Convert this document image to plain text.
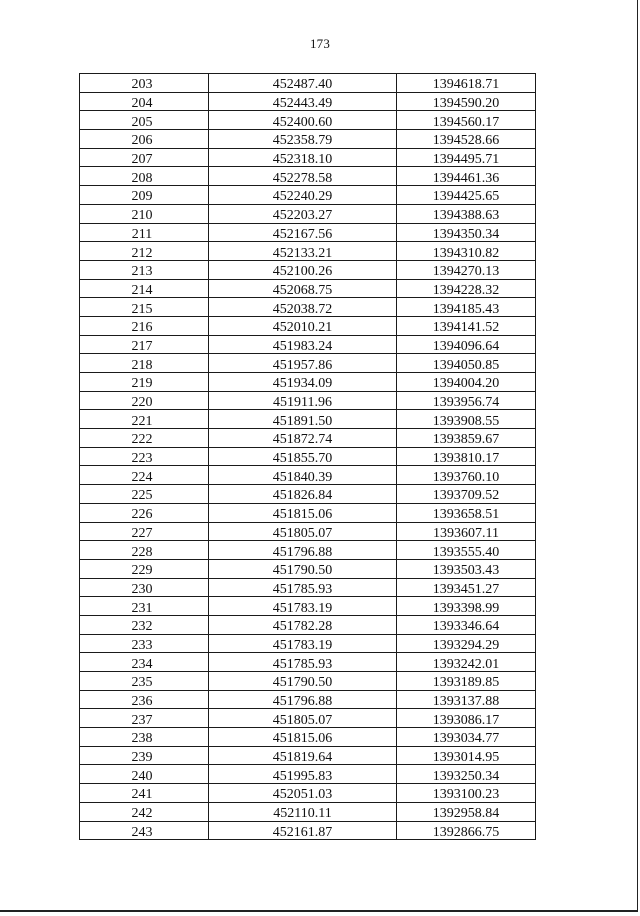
173
203	452487.40	1394618.71
204	452443.49	1394590.20
205	452400.60	1394560.17
206	452358.79	1394528.66
207	452318.10	1394495.71
208	452278.58	1394461.36
209	452240.29	1394425.65
210	452203.27	1394388.63
211	452167.56	1394350.34
212	452133.21	1394310.82
213	452100.26	1394270.13
214	452068.75	1394228.32
215	452038.72	1394185.43
216	452010.21	1394141.52
217	451983.24	1394096.64
218	451957.86	1394050.85
219	451934.09	1394004.20
220	451911.96	1393956.74
221	451891.50	1393908.55
222	451872.74	1393859.67
223	451855.70	1393810.17
224	451840.39	1393760.10
225	451826.84	1393709.52
226	451815.06	1393658.51
227	451805.07	1393607.11
228	451796.88	1393555.40
229	451790.50	1393503.43
230	451785.93	1393451.27
231	451783.19	1393398.99
232	451782.28	1393346.64
233	451783.19	1393294.29
234	451785.93	1393242.01
235	451790.50	1393189.85
236	451796.88	1393137.88
237	451805.07	1393086.17
238	451815.06	1393034.77
239	451819.64	1393014.95
240	451995.83	1393250.34
241	452051.03	1393100.23
242	452110.11	1392958.84
243	452161.87	1392866.75
